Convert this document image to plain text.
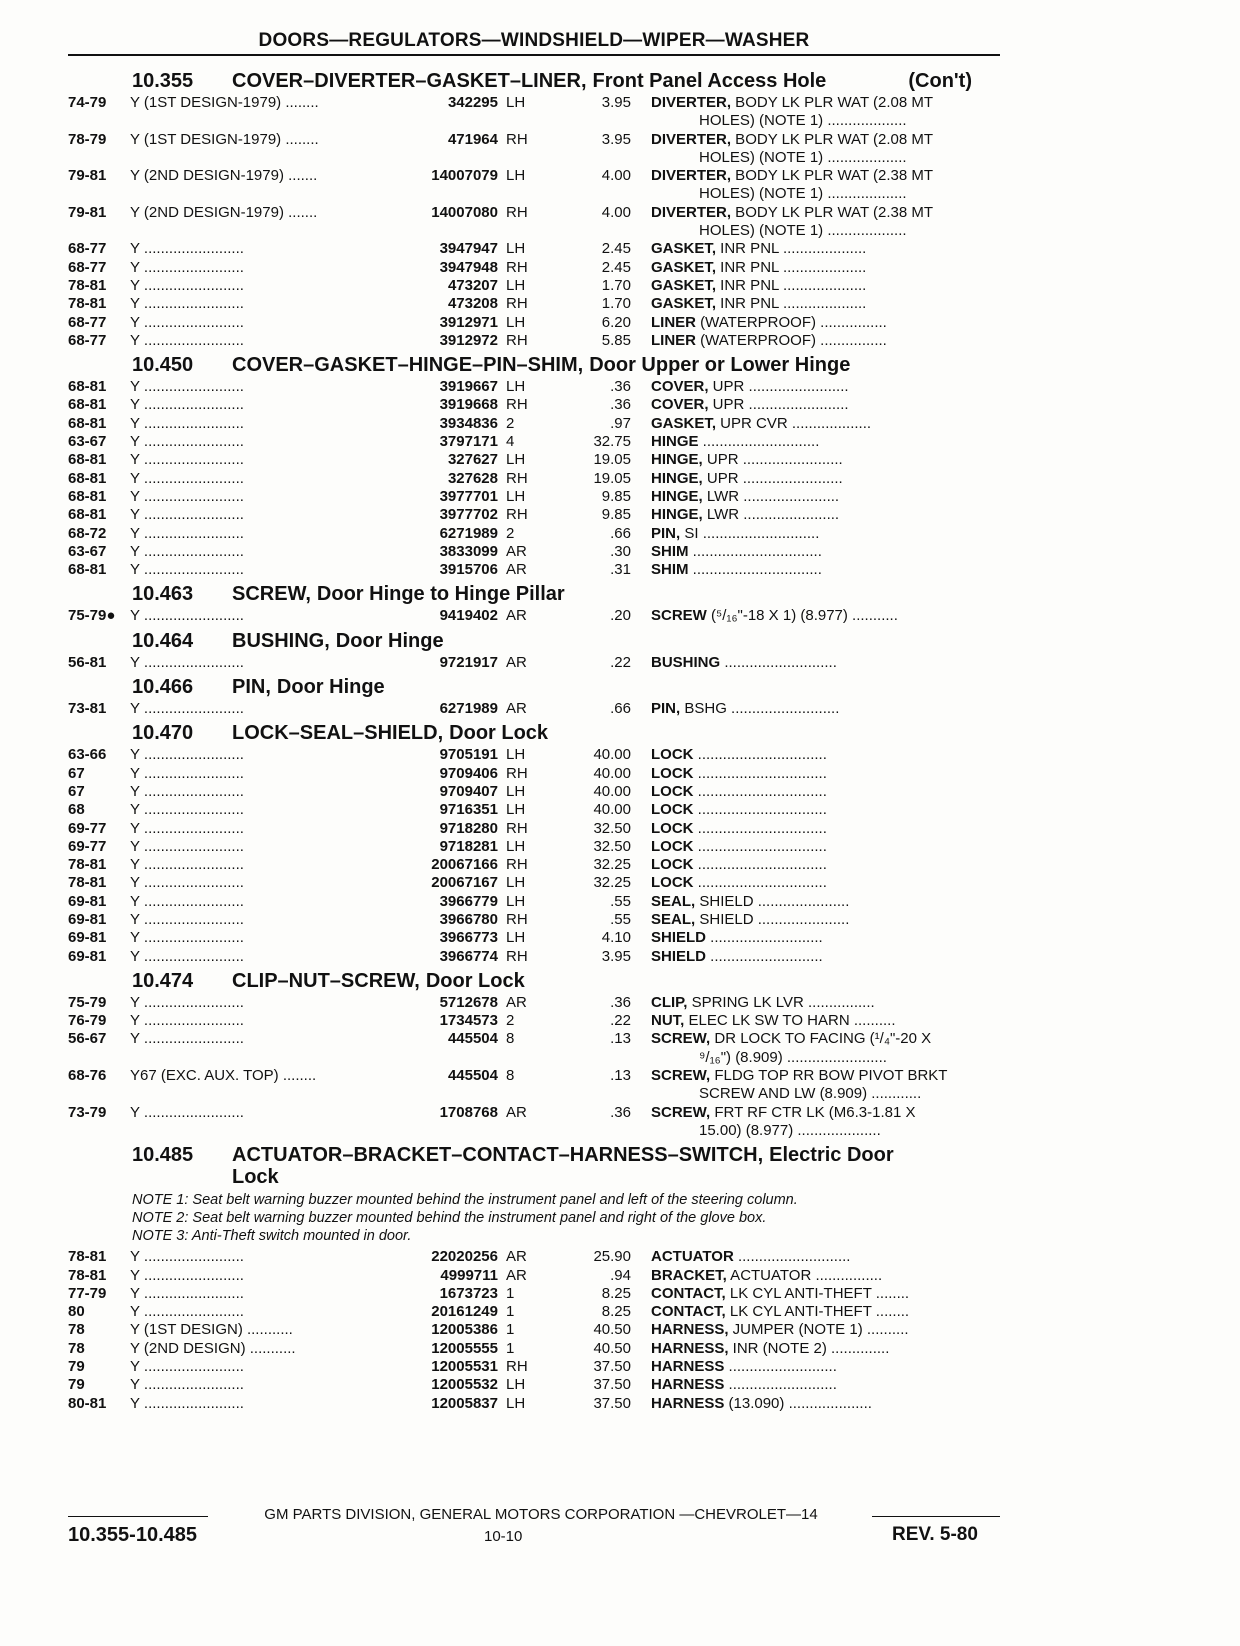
DOORS—REGULATORS—WINDSHIELD—WIPER—WASHER
10.355 COVER–DIVERTER–GASKET–LINER, Front Panel Access Hole	(Con't)
74-79	Y (1ST DESIGN-1979) ........	342295 LH	3.95 DIVERTER, BODY LK PLR WAT (2.08 MT
HOLES) (NOTE 1) ...................
78-79	Y (1ST DESIGN-1979) ........	471964 RH	3.95 DIVERTER, BODY LK PLR WAT (2.08 MT
HOLES) (NOTE 1) ...................
79-81	Y (2ND DESIGN-1979) .......	14007079 LH	4.00 DIVERTER, BODY LK PLR WAT (2.38 MT
HOLES) (NOTE 1) ...................
79-81	Y (2ND DESIGN-1979) .......	14007080 RH	4.00 DIVERTER, BODY LK PLR WAT (2.38 MT
HOLES) (NOTE 1) ...................
68-77	Y ........................	3947947 LH	2.45 GASKET, INR PNL ....................
68-77	Y ........................	3947948 RH	2.45 GASKET, INR PNL ....................
78-81	Y ........................	473207 LH	1.70 GASKET, INR PNL ....................
78-81	Y ........................	473208 RH	1.70 GASKET, INR PNL ....................
68-77	Y ........................	3912971 LH	6.20 LINER (WATERPROOF) ................
68-77	Y ........................	3912972 RH	5.85 LINER (WATERPROOF) ................
10.450 COVER–GASKET–HINGE–PIN–SHIM, Door Upper or Lower Hinge
68-81	Y ........................	3919667 LH	.36 COVER, UPR ........................
68-81	Y ........................	3919668 RH	.36 COVER, UPR ........................
68-81	Y ........................	3934836 2	.97 GASKET, UPR CVR ...................
63-67	Y ........................	3797171 4	32.75 HINGE ............................
68-81	Y ........................	327627 LH	19.05 HINGE, UPR ........................
68-81	Y ........................	327628 RH	19.05 HINGE, UPR ........................
68-81	Y ........................	3977701 LH	9.85 HINGE, LWR .......................
68-81	Y ........................	3977702 RH	9.85 HINGE, LWR .......................
68-72	Y ........................	6271989 2	.66 PIN, SI ............................
63-67	Y ........................	3833099 AR	.30 SHIM ...............................
68-81	Y ........................	3915706 AR	.31 SHIM ...............................
10.463 SCREW, Door Hinge to Hinge Pillar
75-79● Y ........................	9419402 AR	.20 SCREW (⁵/₁₆"-18 X 1) (8.977) ...........
10.464 BUSHING, Door Hinge
56-81	Y ........................	9721917 AR	.22 BUSHING ...........................
10.466 PIN, Door Hinge
73-81	Y ........................	6271989 AR	.66 PIN, BSHG ..........................
10.470 LOCK–SEAL–SHIELD, Door Lock
63-66	Y ........................	9705191 LH	40.00 LOCK ...............................
67	Y ........................	9709406 RH	40.00 LOCK ...............................
67	Y ........................	9709407 LH	40.00 LOCK ...............................
68	Y ........................	9716351 LH	40.00 LOCK ...............................
69-77	Y ........................	9718280 RH	32.50 LOCK ...............................
69-77	Y ........................	9718281 LH	32.50 LOCK ...............................
78-81	Y ........................	20067166 RH	32.25 LOCK ...............................
78-81	Y ........................	20067167 LH	32.25 LOCK ...............................
69-81	Y ........................	3966779 LH	.55 SEAL, SHIELD ......................
69-81	Y ........................	3966780 RH	.55 SEAL, SHIELD ......................
69-81	Y ........................	3966773 LH	4.10 SHIELD ...........................
69-81	Y ........................	3966774 RH	3.95 SHIELD ...........................
10.474 CLIP–NUT–SCREW, Door Lock
75-79	Y ........................	5712678 AR	.36 CLIP, SPRING LK LVR ................
76-79	Y ........................	1734573 2	.22 NUT, ELEC LK SW TO HARN ..........
56-67	Y ........................	445504 8	.13 SCREW, DR LOCK TO FACING (¹/₄"-20 X
⁹/₁₆") (8.909) ........................
68-76	Y67 (EXC. AUX. TOP) ........	445504 8	.13 SCREW, FLDG TOP RR BOW PIVOT BRKT
SCREW AND LW (8.909) ............
73-79	Y ........................	1708768 AR	.36 SCREW, FRT RF CTR LK (M6.3-1.81 X
15.00) (8.977) ....................
10.485 ACTUATOR–BRACKET–CONTACT–HARNESS–SWITCH, Electric Door
Lock
NOTE 1: Seat belt warning buzzer mounted behind the instrument panel and left of the steering column.
NOTE 2: Seat belt warning buzzer mounted behind the instrument panel and right of the glove box.
NOTE 3: Anti-Theft switch mounted in door.
78-81	Y ........................	22020256 AR	25.90 ACTUATOR ...........................
78-81	Y ........................	4999711 AR	.94 BRACKET, ACTUATOR ................
77-79	Y ........................	1673723 1	8.25 CONTACT, LK CYL ANTI-THEFT ........
80	Y ........................	20161249 1	8.25 CONTACT, LK CYL ANTI-THEFT ........
78	Y (1ST DESIGN) ...........	12005386 1	40.50 HARNESS, JUMPER (NOTE 1) ..........
78	Y (2ND DESIGN) ...........	12005555 1	40.50 HARNESS, INR (NOTE 2) ..............
79	Y ........................	12005531 RH	37.50 HARNESS ..........................
79	Y ........................	12005532 LH	37.50 HARNESS ..........................
80-81	Y ........................	12005837 LH	37.50 HARNESS (13.090) ....................
GM PARTS DIVISION, GENERAL MOTORS CORPORATION —CHEVROLET—14
10.355-10.485	10-10	REV. 5-80
